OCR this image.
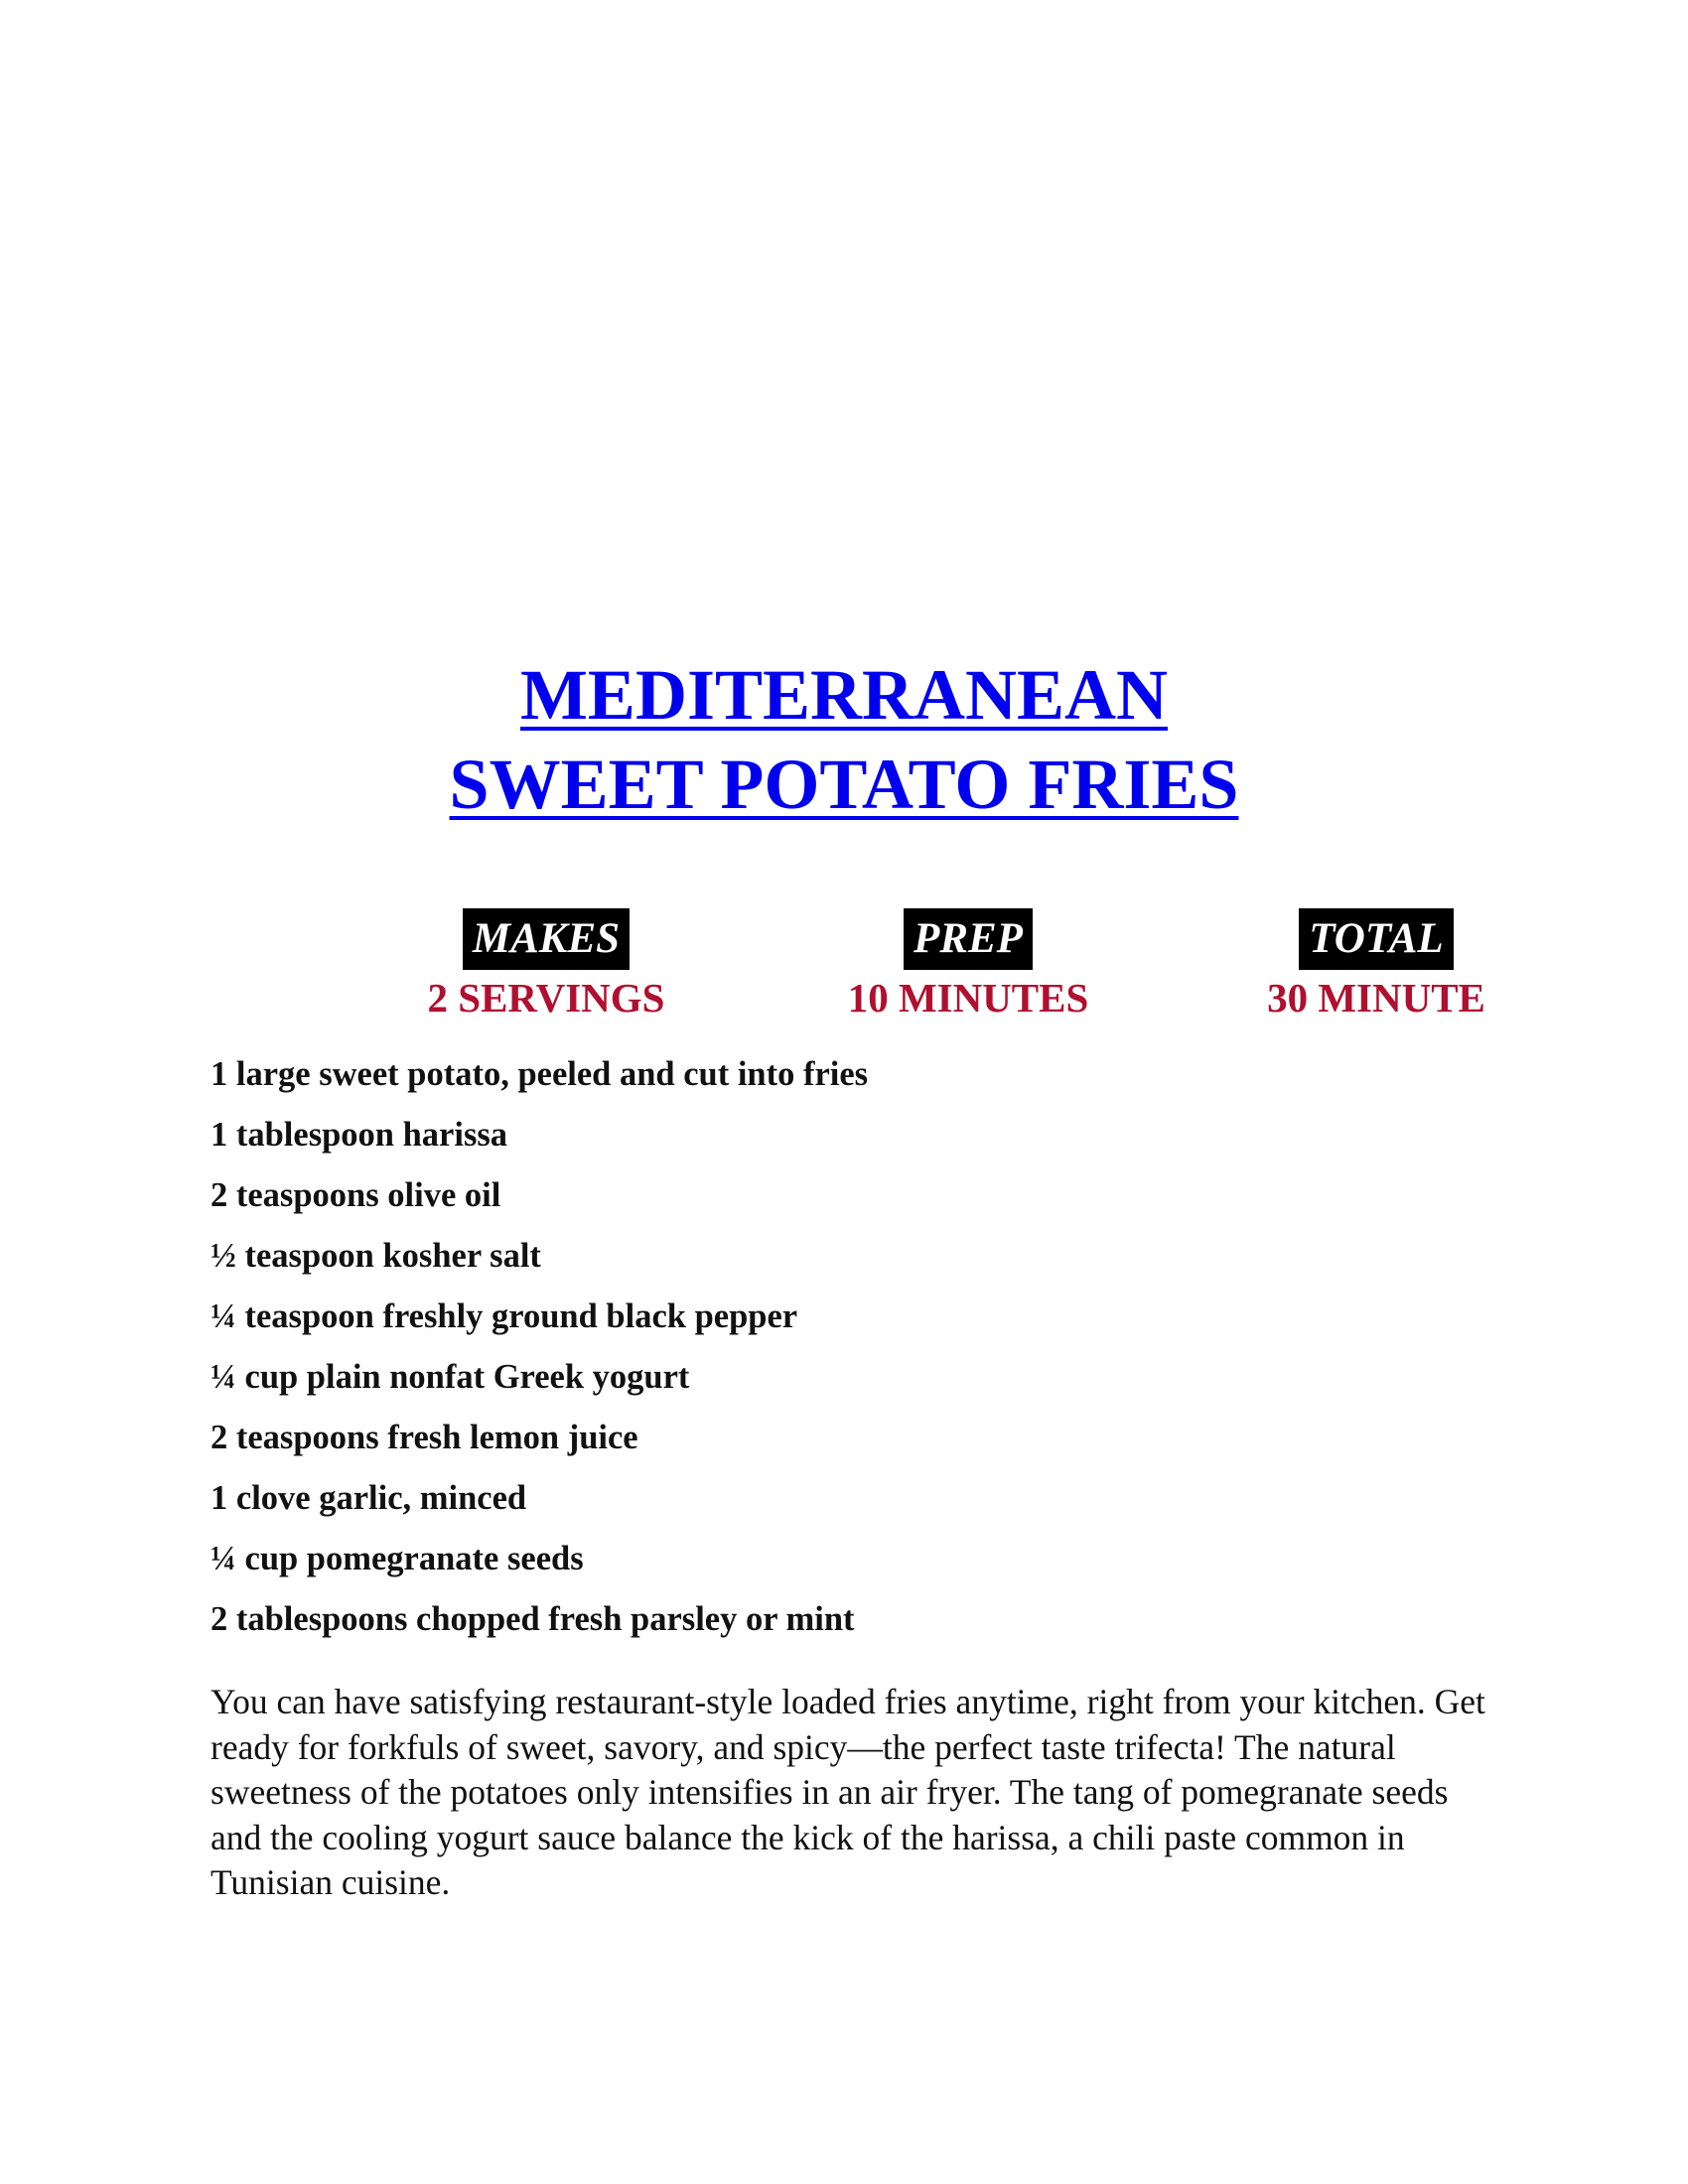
MEDITERRANEAN
SWEET POTATO FRIES
MAKES
2 SERVINGS
PREP
10 MINUTES
TOTAL
30 MINUTE
1 large sweet potato, peeled and cut into fries
1 tablespoon harissa
2 teaspoons olive oil
½ teaspoon kosher salt
¼ teaspoon freshly ground black pepper
¼ cup plain nonfat Greek yogurt
2 teaspoons fresh lemon juice
1 clove garlic, minced
¼ cup pomegranate seeds
2 tablespoons chopped fresh parsley or mint

You can have satisfying restaurant-style loaded fries anytime, right from your kitchen. Get ready for forkfuls of sweet, savory, and spicy—the perfect taste trifecta! The natural sweetness of the potatoes only intensifies in an air fryer. The tang of pomegranate seeds and the cooling yogurt sauce balance the kick of the harissa, a chili paste common in Tunisian cuisine.
